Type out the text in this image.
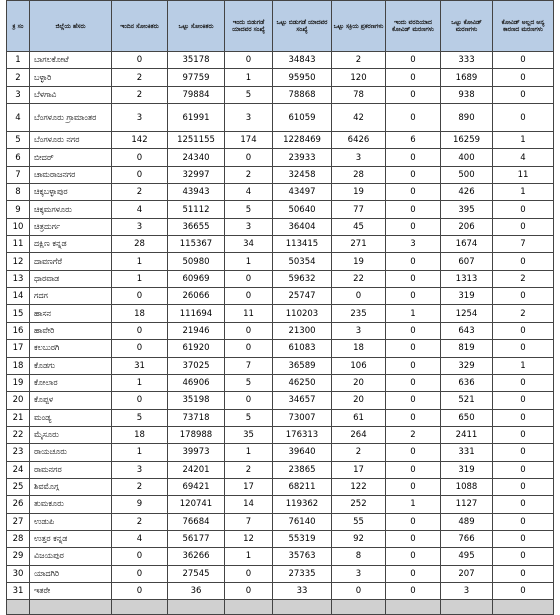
ಕ್ರ ಸಂ	ಜಿಲ್ಲೆಯ ಹೆಸರು	ಇಂದಿನ ಸೋಂಕಿತರು	ಒಟ್ಟು ಸೋಂಕಿತರು	ಇಂದು ಬಿಡುಗಡೆ ಯಾದವರ ಸಂಖ್ಯೆ	ಒಟ್ಟು ಬಿಡುಗಡೆ ಯಾದವರ ಸಂಖ್ಯೆ	ಒಟ್ಟು ಸಕ್ರಿಯ ಪ್ರಕರಣಗಳು	ಇಂದು ವರದಿಯಾದ ಕೋವಿಡ್ ಮರಣಗಳು	ಒಟ್ಟು ಕೋವಿಡ್ ಮರಣಗಳು	ಕೋವಿಡ್ ಅಲ್ಲದ ಅನ್ಯ ಕಾರಣದ ಮರಣಗಳು
1	ಬಾಗಲಕೋಟೆ	0	35178	0	34843	2	0	333	0
2	ಬಳ್ಳಾರಿ	2	97759	1	95950	120	0	1689	0
3	ಬೆಳಗಾವಿ	2	79884	5	78868	78	0	938	0
4	ಬೆಂಗಳೂರು ಗ್ರಾಮಾಂತರ	3	61991	3	61059	42	0	890	0
5	ಬೆಂಗಳೂರು ನಗರ	142	1251155	174	1228469	6426	6	16259	1
6	ಬೀದರ್	0	24340	0	23933	3	0	400	4
7	ಚಾಮರಾಜನಗರ	0	32997	2	32458	28	0	500	11
8	ಚಿಕ್ಕಬಳ್ಳಾಪುರ	2	43943	4	43497	19	0	426	1
9	ಚಿಕ್ಕಮಗಳೂರು	4	51112	5	50640	77	0	395	0
10	ಚಿತ್ರದುರ್ಗ	3	36655	3	36404	45	0	206	0
11	ದಕ್ಷಿಣ ಕನ್ನಡ	28	115367	34	113415	271	3	1674	7
12	ದಾವಣಗೆರೆ	1	50980	1	50354	19	0	607	0
13	ಧಾರವಾಡ	1	60969	0	59632	22	0	1313	2
14	ಗದಗ	0	26066	0	25747	0	0	319	0
15	ಹಾಸನ	18	111694	11	110203	235	1	1254	2
16	ಹಾವೇರಿ	0	21946	0	21300	3	0	643	0
17	ಕಲಬುರಗಿ	0	61920	0	61083	18	0	819	0
18	ಕೊಡಗು	31	37025	7	36589	106	0	329	1
19	ಕೋಲಾರ	1	46906	5	46250	20	0	636	0
20	ಕೊಪ್ಪಳ	0	35198	0	34657	20	0	521	0
21	ಮಂಡ್ಯ	5	73718	5	73007	61	0	650	0
22	ಮೈಸೂರು	18	178988	35	176313	264	2	2411	0
23	ರಾಯಚೂರು	1	39973	1	39640	2	0	331	0
24	ರಾಮನಗರ	3	24201	2	23865	17	0	319	0
25	ಶಿವಮೊಗ್ಗ	2	69421	17	68211	122	0	1088	0
26	ತುಮಕೂರು	9	120741	14	119362	252	1	1127	0
27	ಉಡುಪಿ	2	76684	7	76140	55	0	489	0
28	ಉತ್ತರ ಕನ್ನಡ	4	56177	12	55319	92	0	766	0
29	ವಿಜಯಪುರ	0	36266	1	35763	8	0	495	0
30	ಯಾದಗಿರಿ	0	27545	0	27335	3	0	207	0
31	ಇತರೇ	0	36	0	33	0	0	3	0
